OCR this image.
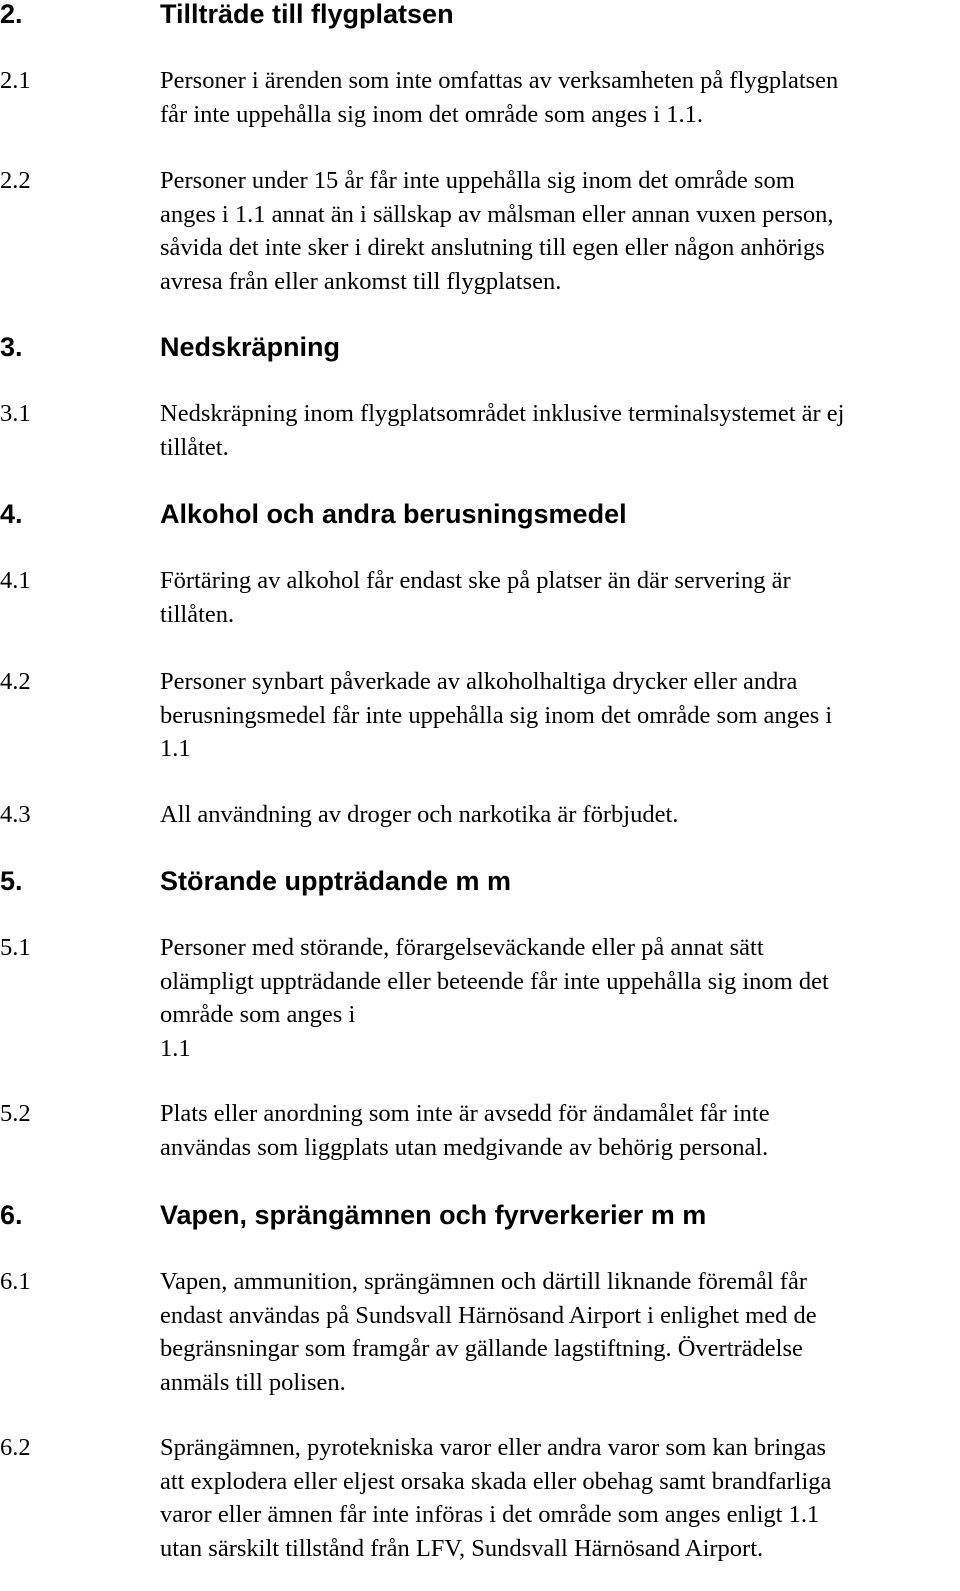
2.	Tillträde till flygplatsen
2.1	Personer i ärenden som inte omfattas av verksamheten på flygplatsen
får inte uppehålla sig inom det område som anges i 1.1.
2.2	Personer under 15 år får inte uppehålla sig inom det område som
anges i 1.1 annat än i sällskap av målsman eller annan vuxen person,
såvida det inte sker i direkt anslutning till egen eller någon anhörigs
avresa från eller ankomst till flygplatsen.
3.	Nedskräpning
3.1	Nedskräpning inom flygplatsområdet inklusive terminalsystemet är ej
tillåtet.
4.	Alkohol och andra berusningsmedel
4.1	Förtäring av alkohol får endast ske på platser än där servering är
tillåten.
4.2	Personer synbart påverkade av alkoholhaltiga drycker eller andra
berusningsmedel får inte uppehålla sig inom det område som anges i
1.1
4.3	All användning av droger och narkotika är förbjudet.
5.	Störande uppträdande m m
5.1	Personer med störande, förargelseväckande eller på annat sätt
olämpligt uppträdande eller beteende får inte uppehålla sig inom det
område som anges i
1.1
5.2	Plats eller anordning som inte är avsedd för ändamålet får inte
användas som liggplats utan medgivande av behörig personal.
6.	Vapen, sprängämnen och fyrverkerier m m
6.1	Vapen, ammunition, sprängämnen och därtill liknande föremål får
endast användas på Sundsvall Härnösand Airport i enlighet med de
begränsningar som framgår av gällande lagstiftning. Överträdelse
anmäls till polisen.
6.2	Sprängämnen, pyrotekniska varor eller andra varor som kan bringas
att explodera eller eljest orsaka skada eller obehag samt brandfarliga
varor eller ämnen får inte införas i det område som anges enligt 1.1
utan särskilt tillstånd från LFV, Sundsvall Härnösand Airport.
